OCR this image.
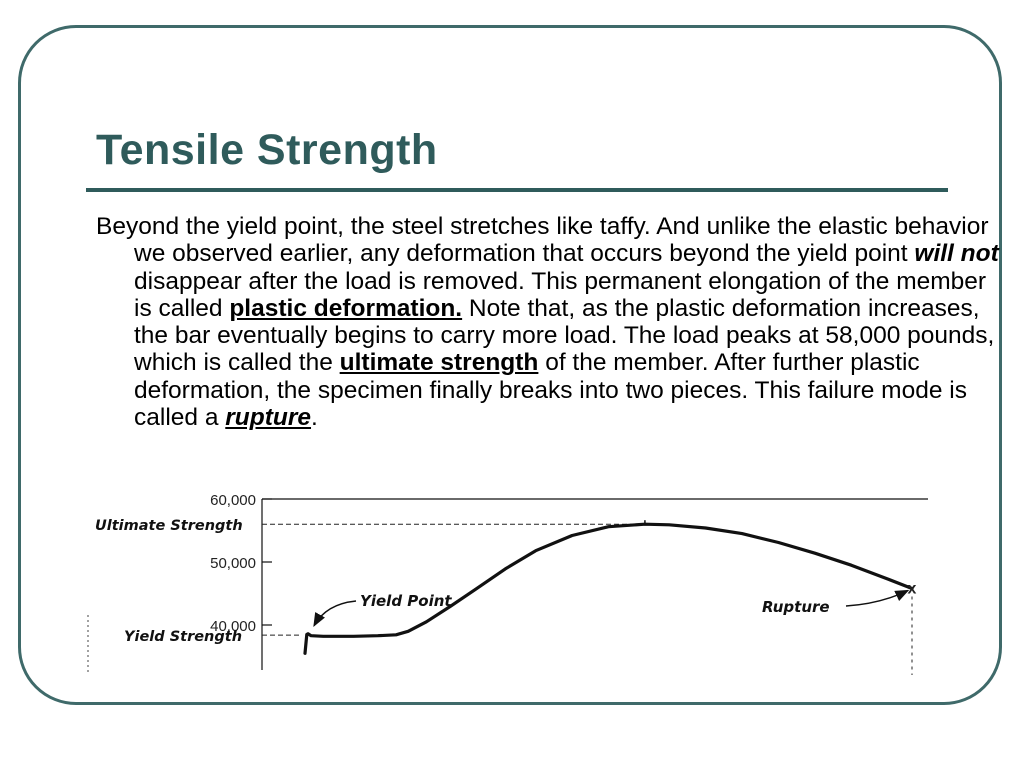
Tensile Strength

Beyond the yield point, the steel stretches like taffy. And unlike the elastic behavior we observed earlier, any deformation that occurs beyond the yield point will not disappear after the load is removed. This permanent elongation of the member is called plastic deformation. Note that, as the plastic deformation increases, the bar eventually begins to carry more load. The load peaks at 58,000 pounds, which is called the ultimate strength of the member. After further plastic deformation, the specimen finally breaks into two pieces. This failure mode is called a rupture.

60,000
50,000
40,000
Ultimate Strength
Yield Strength
x
Yield Point	Rupture
